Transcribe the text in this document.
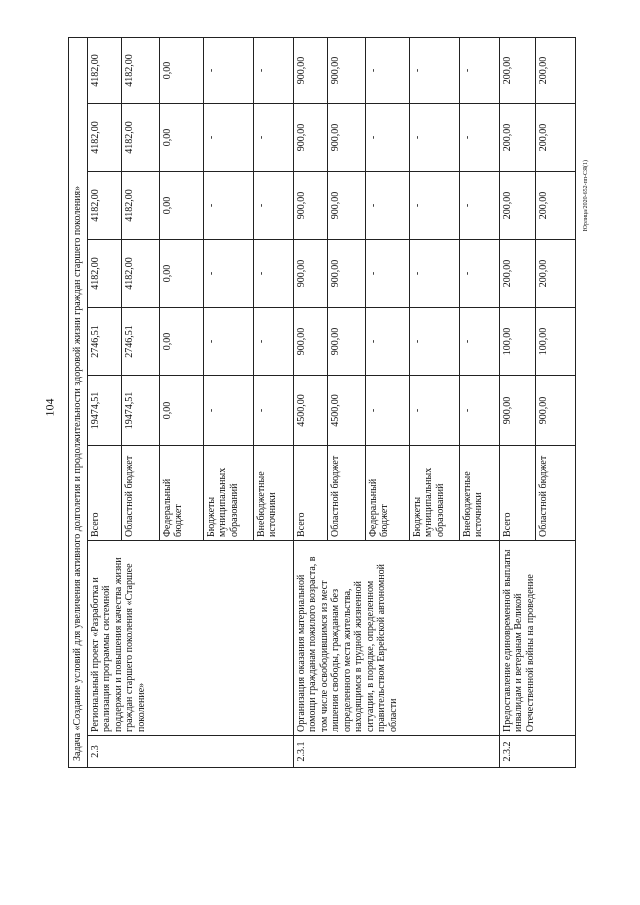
104
Юрлица/2020-652-пп-СЯ(1)
Задача «Создание условий для увеличения активного долголетия и продолжительности здоровой жизни граждан старшего поколения»								
2.3	Региональный проект «Разработка и реализация программы системной поддержки и повышения качества жизни граждан старшего поколения «Старшее поколение»	Всего	19474,51	2746,51	4182,00	4182,00	4182,00	4182,00
		Областной бюджет	19474,51	2746,51	4182,00	4182,00	4182,00	4182,00
		Федеральный бюджет	0,00	0,00	0,00	0,00	0,00	0,00
		Бюджеты муниципальных образований	-	-	-	-	-	-
		Внебюджетные источники	-	-	-	-	-	-
2.3.1	Организация оказания материальной помощи гражданам пожилого возраста, в том числе освободившимся из мест лишения свободы, гражданам без определенного места жительства, находящимся в трудной жизненной ситуации, в порядке, определенном правительством Еврейской автономной области	Всего	4500,00	900,00	900,00	900,00	900,00	900,00
		Областной бюджет	4500,00	900,00	900,00	900,00	900,00	900,00
		Федеральный бюджет	-	-	-	-	-	-
		Бюджеты муниципальных образований	-	-	-	-	-	-
		Внебюджетные источники	-	-	-	-	-	-
2.3.2	Предоставление единовременной выплаты инвалидам и ветеранам Великой Отечественной войны на проведение	Всего	900,00	100,00	200,00	200,00	200,00	200,00
		Областной бюджет	900,00	100,00	200,00	200,00	200,00	200,00
